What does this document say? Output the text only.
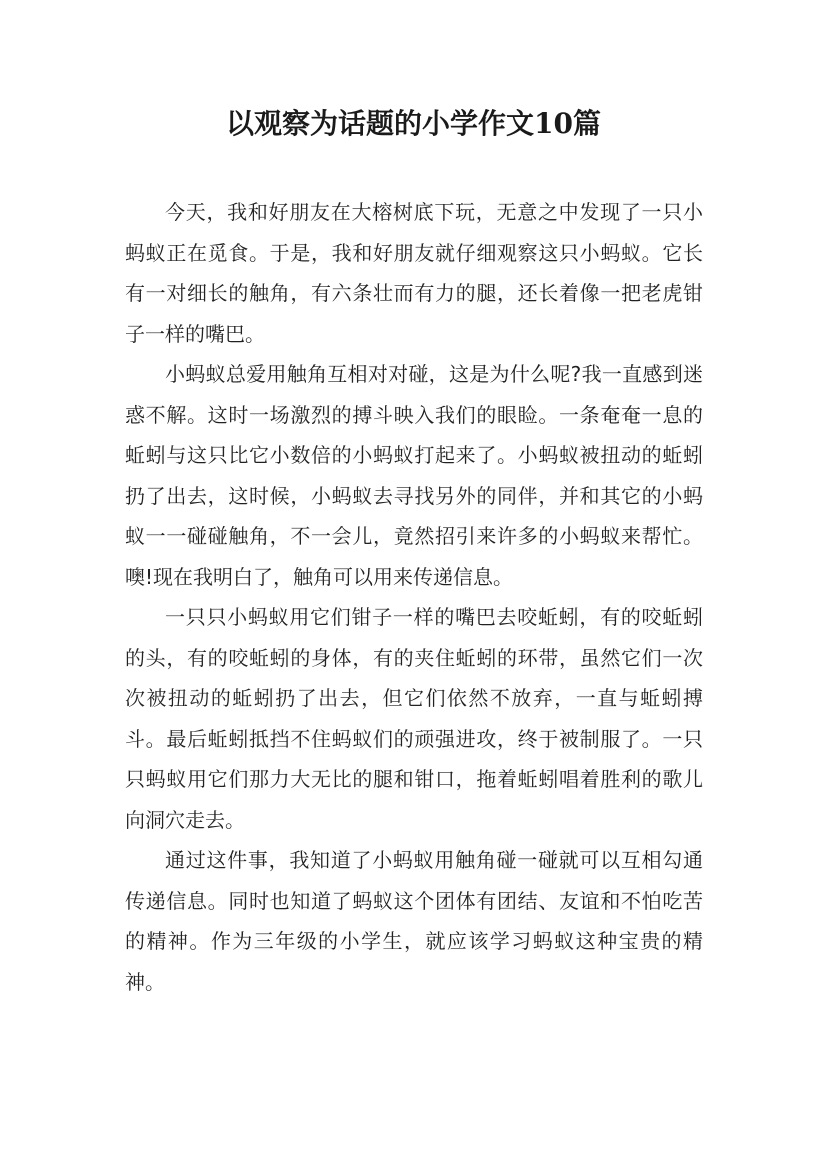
以观察为话题的小学作文10篇

今天，我和好朋友在大榕树底下玩，无意之中发现了一只小蚂蚁正在觅食。于是，我和好朋友就仔细观察这只小蚂蚁。它长有一对细长的触角，有六条壮而有力的腿，还长着像一把老虎钳子一样的嘴巴。

小蚂蚁总爱用触角互相对对碰，这是为什么呢?我一直感到迷惑不解。这时一场激烈的搏斗映入我们的眼睑。一条奄奄一息的蚯蚓与这只比它小数倍的小蚂蚁打起来了。小蚂蚁被扭动的蚯蚓扔了出去，这时候，小蚂蚁去寻找另外的同伴，并和其它的小蚂蚁一一碰碰触角，不一会儿，竟然招引来许多的小蚂蚁来帮忙。噢!现在我明白了，触角可以用来传递信息。

一只只小蚂蚁用它们钳子一样的嘴巴去咬蚯蚓，有的咬蚯蚓的头，有的咬蚯蚓的身体，有的夹住蚯蚓的环带，虽然它们一次次被扭动的蚯蚓扔了出去，但它们依然不放弃，一直与蚯蚓搏斗。最后蚯蚓抵挡不住蚂蚁们的顽强进攻，终于被制服了。一只只蚂蚁用它们那力大无比的腿和钳口，拖着蚯蚓唱着胜利的歌儿向洞穴走去。

通过这件事，我知道了小蚂蚁用触角碰一碰就可以互相勾通传递信息。同时也知道了蚂蚁这个团体有团结、友谊和不怕吃苦的精神。作为三年级的小学生，就应该学习蚂蚁这种宝贵的精神。
